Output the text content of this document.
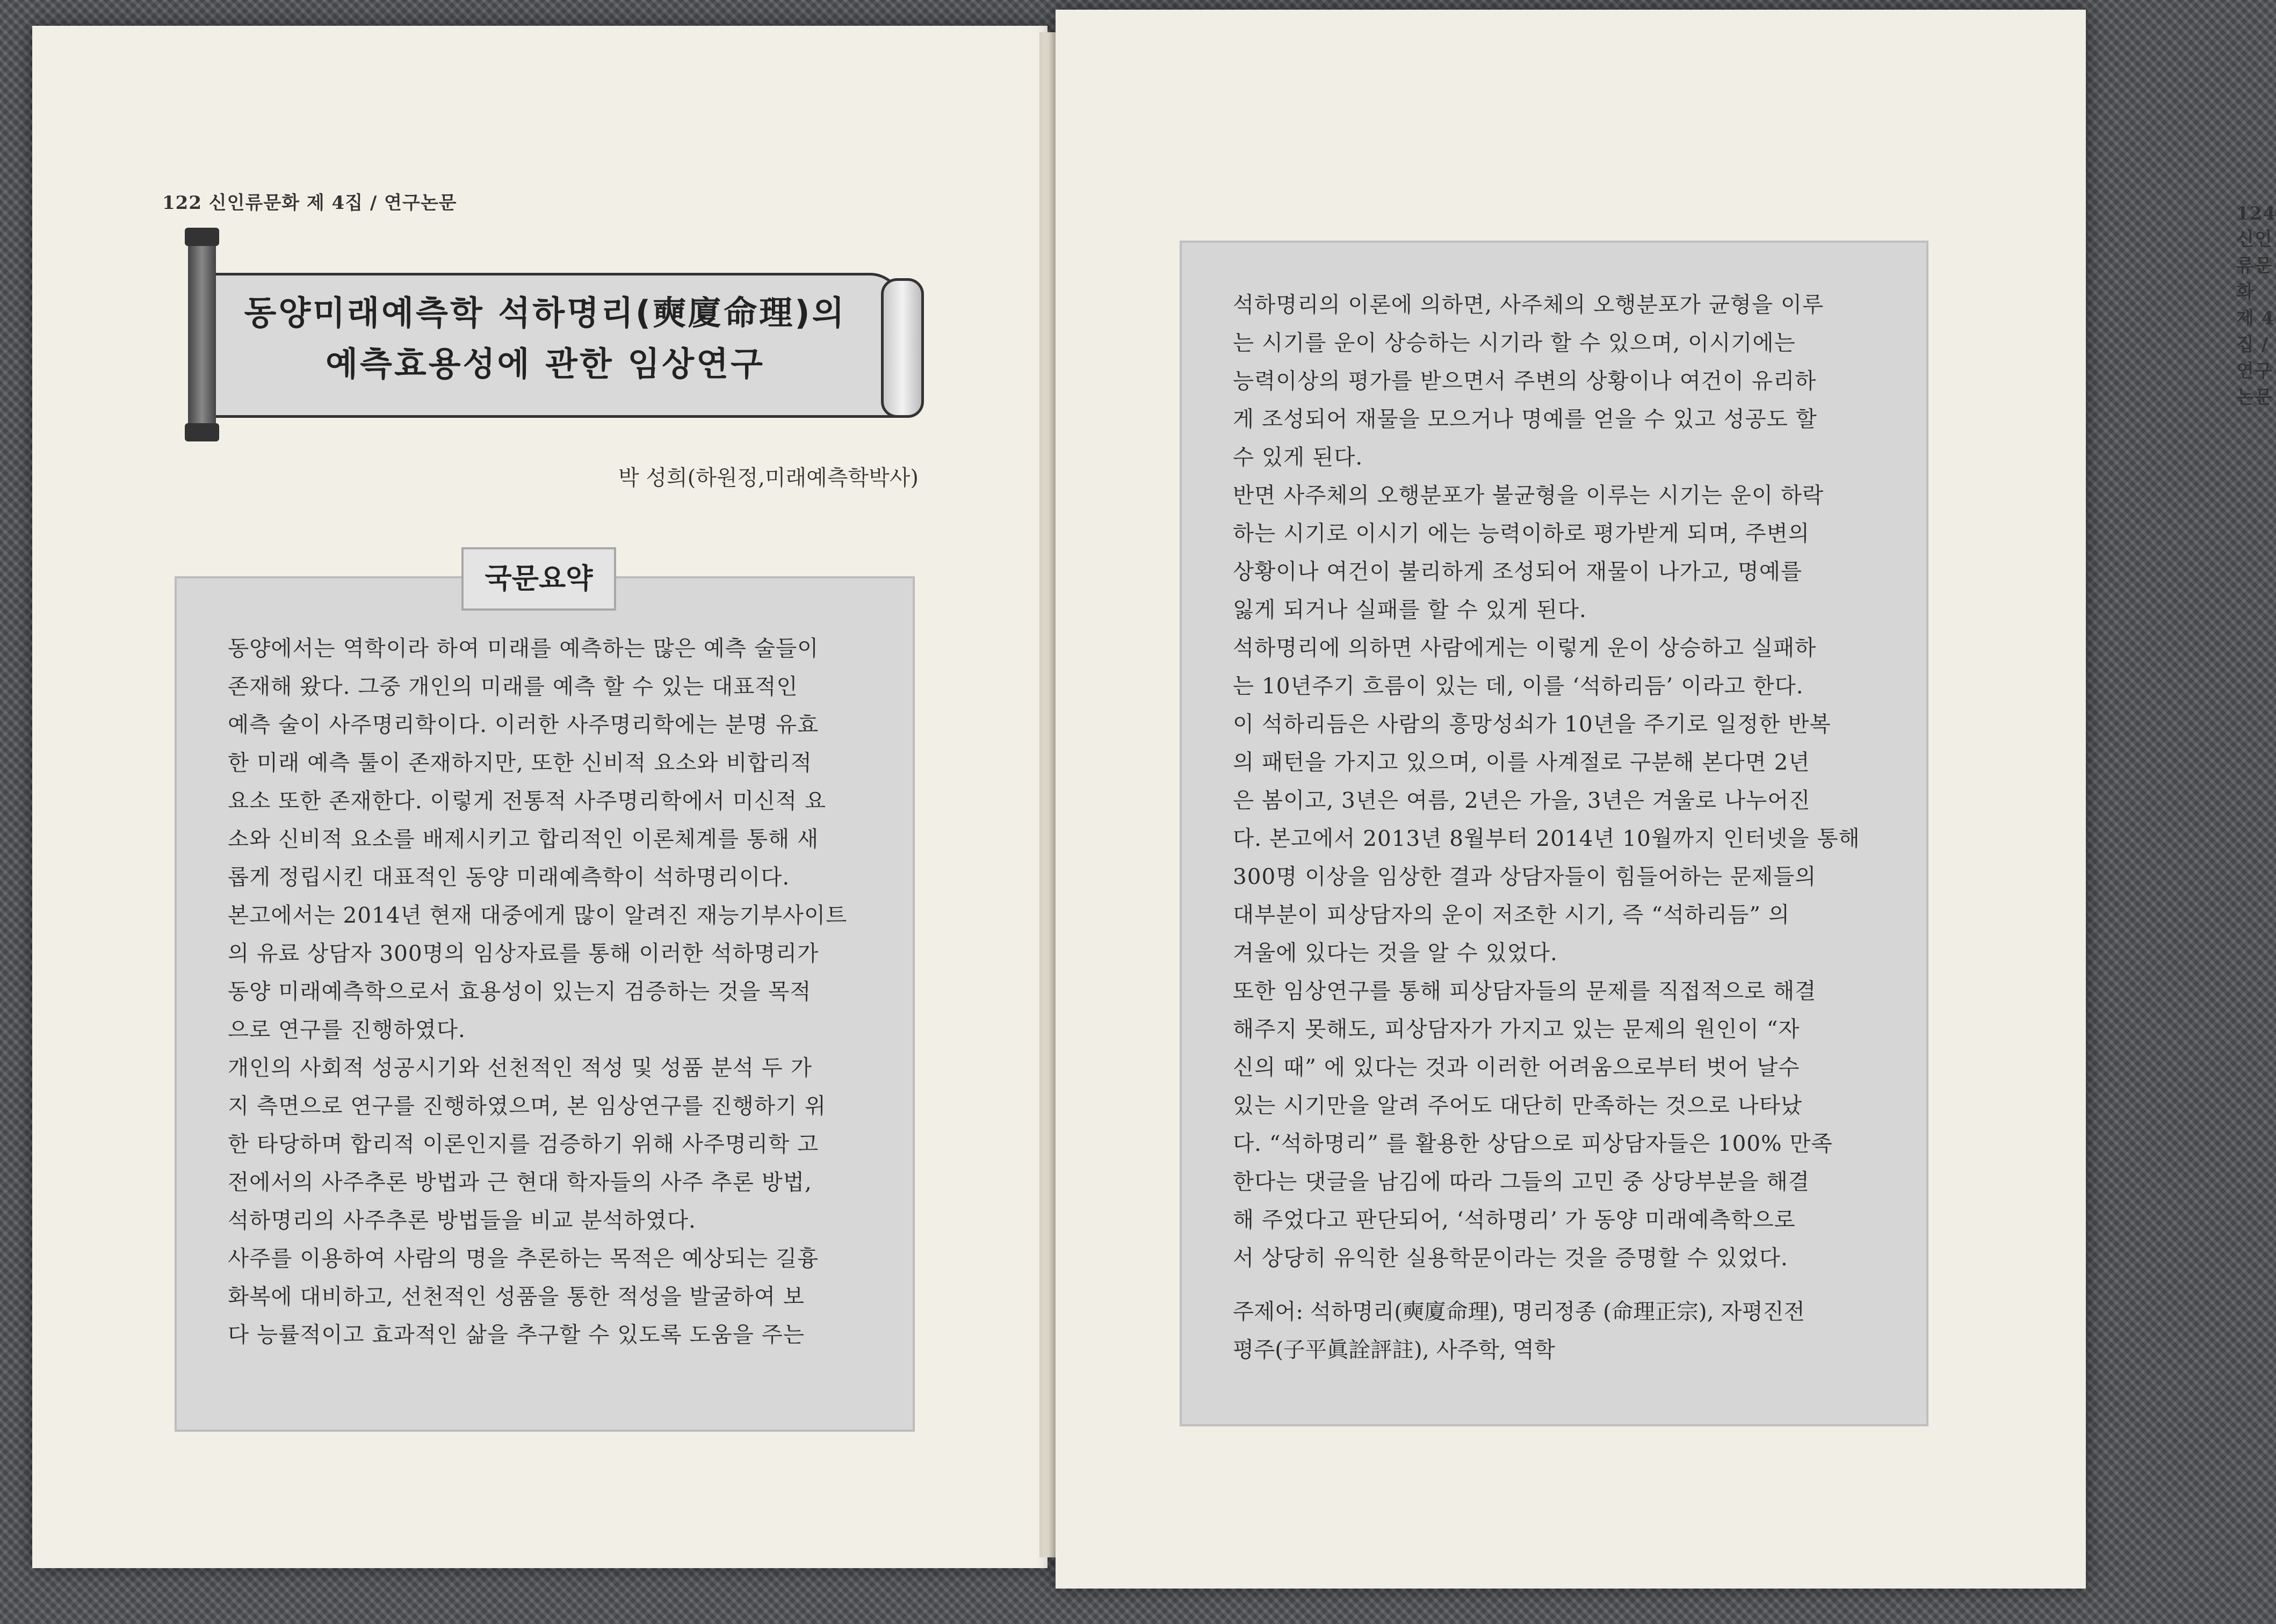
122 신인류문화 제 4집 / 연구논문
동양미래예측학 석하명리(奭廈命理)의
예측효용성에 관한 임상연구
박 성희(하원정,미래예측학박사)
국문요약

동양에서는 역학이라 하여 미래를 예측하는 많은 예측 술들이

존재해 왔다. 그중 개인의 미래를 예측 할 수 있는 대표적인

예측 술이 사주명리학이다. 이러한 사주명리학에는 분명 유효

한 미래 예측 툴이 존재하지만, 또한 신비적 요소와 비합리적

요소 또한 존재한다. 이렇게 전통적 사주명리학에서 미신적 요

소와 신비적 요소를 배제시키고 합리적인 이론체계를 통해 새

롭게 정립시킨 대표적인 동양 미래예측학이 석하명리이다.

본고에서는 2014년 현재 대중에게 많이 알려진 재능기부사이트

의 유료 상담자 300명의 임상자료를 통해 이러한 석하명리가

동양 미래예측학으로서 효용성이 있는지 검증하는 것을 목적

으로 연구를 진행하였다.

개인의 사회적 성공시기와 선천적인 적성 및 성품 분석 두 가

지 측면으로 연구를 진행하였으며, 본 임상연구를 진행하기 위

한 타당하며 합리적 이론인지를 검증하기 위해 사주명리학 고

전에서의 사주추론 방법과 근 현대 학자들의 사주 추론 방법,

석하명리의 사주추론 방법들을 비교 분석하였다.

사주를 이용하여 사람의 명을 추론하는 목적은 예상되는 길흉

화복에 대비하고, 선천적인 성품을 통한 적성을 발굴하여 보

다 능률적이고 효과적인 삶을 추구할 수 있도록 도움을 주는

124 신인류문화 제 4집 / 연구논문

석하명리의 이론에 의하면, 사주체의 오행분포가 균형을 이루

는 시기를 운이 상승하는 시기라 할 수 있으며, 이시기에는

능력이상의 평가를 받으면서 주변의 상황이나 여건이 유리하

게 조성되어 재물을 모으거나 명예를 얻을 수 있고 성공도 할

수 있게 된다.

반면 사주체의 오행분포가 불균형을 이루는 시기는 운이 하락

하는 시기로 이시기 에는 능력이하로 평가받게 되며, 주변의

상황이나 여건이 불리하게 조성되어 재물이 나가고, 명예를

잃게 되거나 실패를 할 수 있게 된다.

석하명리에 의하면 사람에게는 이렇게 운이 상승하고 실패하

는 10년주기 흐름이 있는 데, 이를 ‘석하리듬’ 이라고 한다.

이 석하리듬은 사람의 흥망성쇠가 10년을 주기로 일정한 반복

의 패턴을 가지고 있으며, 이를 사계절로 구분해 본다면 2년

은 봄이고, 3년은 여름, 2년은 가을, 3년은 겨울로 나누어진

다. 본고에서 2013년 8월부터 2014년 10월까지 인터넷을 통해

300명 이상을 임상한 결과 상담자들이 힘들어하는 문제들의

대부분이 피상담자의 운이 저조한 시기, 즉 “석하리듬” 의

겨울에 있다는 것을 알 수 있었다.

또한 임상연구를 통해 피상담자들의 문제를 직접적으로 해결

해주지 못해도, 피상담자가 가지고 있는 문제의 원인이 “자

신의 때” 에 있다는 것과 이러한 어려움으로부터 벗어 날수

있는 시기만을 알려 주어도 대단히 만족하는 것으로 나타났

다. “석하명리” 를 활용한 상담으로 피상담자들은 100% 만족

한다는 댓글을 남김에 따라 그들의 고민 중 상당부분을 해결

해 주었다고 판단되어, ‘석하명리’ 가 동양 미래예측학으로

서 상당히 유익한 실용학문이라는 것을 증명할 수 있었다.

주제어: 석하명리(奭廈命理), 명리정종 (命理正宗), 자평진전
평주(子平眞詮評註), 사주학, 역학
